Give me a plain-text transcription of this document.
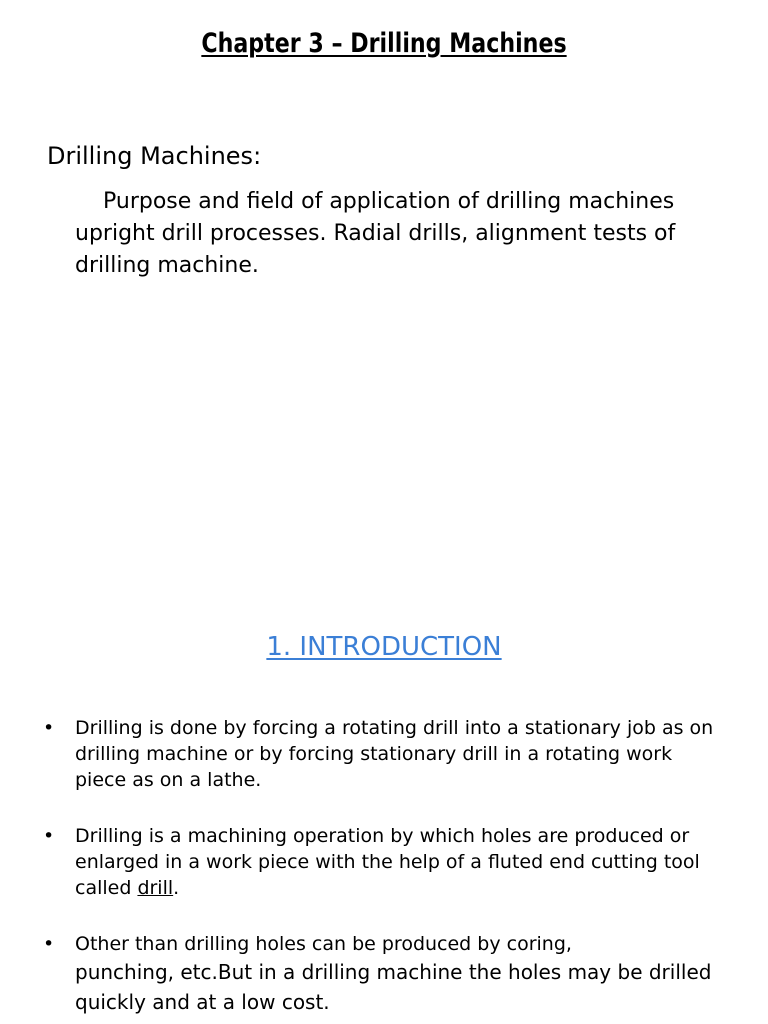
Chapter 3 – Drilling Machines
Drilling Machines:
Purpose and field of application of drilling machines upright drill processes. Radial drills, alignment tests of drilling machine.
1. INTRODUCTION
• Drilling is done by forcing a rotating drill into a stationary job as on drilling machine or by forcing stationary drill in a rotating work piece as on a lathe.
• Drilling is a machining operation by which holes are produced or enlarged in a work piece with the help of a fluted end cutting tool called drill.
• Other than drilling holes can be produced by coring,
punching, etc.But in a drilling machine the holes may be drilled quickly and at a low cost.
